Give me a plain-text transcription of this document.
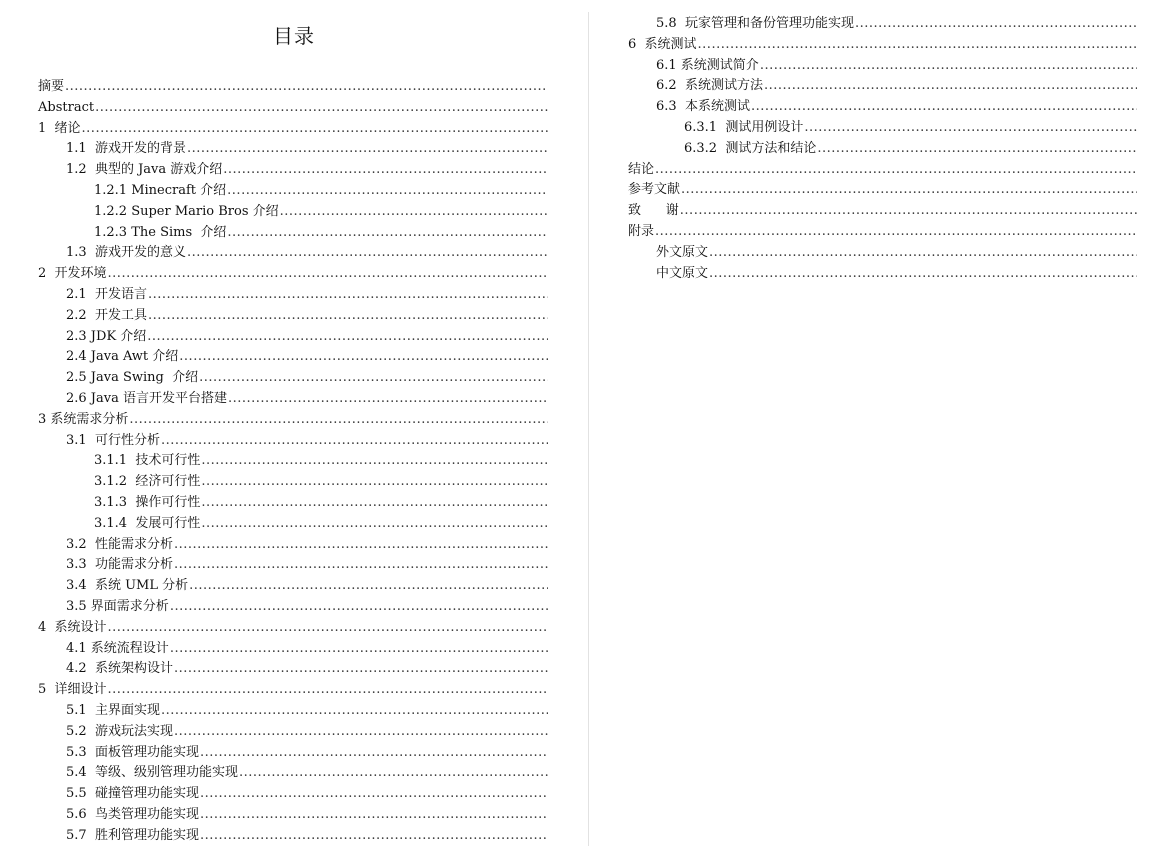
目录
摘要
.....
Abstract
.....
1  绪论
.....
1.1  游戏开发的背景
.....
1.2  典型的 Java 游戏介绍
.....
1.2.1 Minecraft 介绍
.....
1.2.2 Super Mario Bros 介绍
.....
1.2.3 The Sims  介绍
.....
1.3  游戏开发的意义
.....
2  开发环境
.....
2.1  开发语言
.....
2.2  开发工具
.....
2.3 JDK 介绍
.....
2.4 Java Awt 介绍
.....
2.5 Java Swing  介绍
.....
2.6 Java 语言开发平台搭建
.....
3 系统需求分析
.....
3.1  可行性分析
.....
3.1.1  技术可行性
.....
3.1.2  经济可行性
.....
3.1.3  操作可行性
.....
3.1.4  发展可行性
.....
3.2  性能需求分析
.....
3.3  功能需求分析
.....
3.4  系统 UML 分析
.....
3.5 界面需求分析
.....
4  系统设计
.....
4.1 系统流程设计
.....
4.2  系统架构设计
.....
5  详细设计
.....
5.1  主界面实现
.....
5.2  游戏玩法实现
.....
5.3  面板管理功能实现
.....
5.4  等级、级别管理功能实现
.....
5.5  碰撞管理功能实现
.....
5.6  鸟类管理功能实现
.....
5.7  胜利管理功能实现
.....
5.8  玩家管理和备份管理功能实现
.....
6  系统测试
.....
6.1 系统测试简介
.....
6.2  系统测试方法
.....
6.3  本系统测试
.....
6.3.1  测试用例设计
.....
6.3.2  测试方法和结论
.....
结论
.....
参考文献
.....
致      谢
.....
附录
.....
外文原文
.....
中文原文
.....
